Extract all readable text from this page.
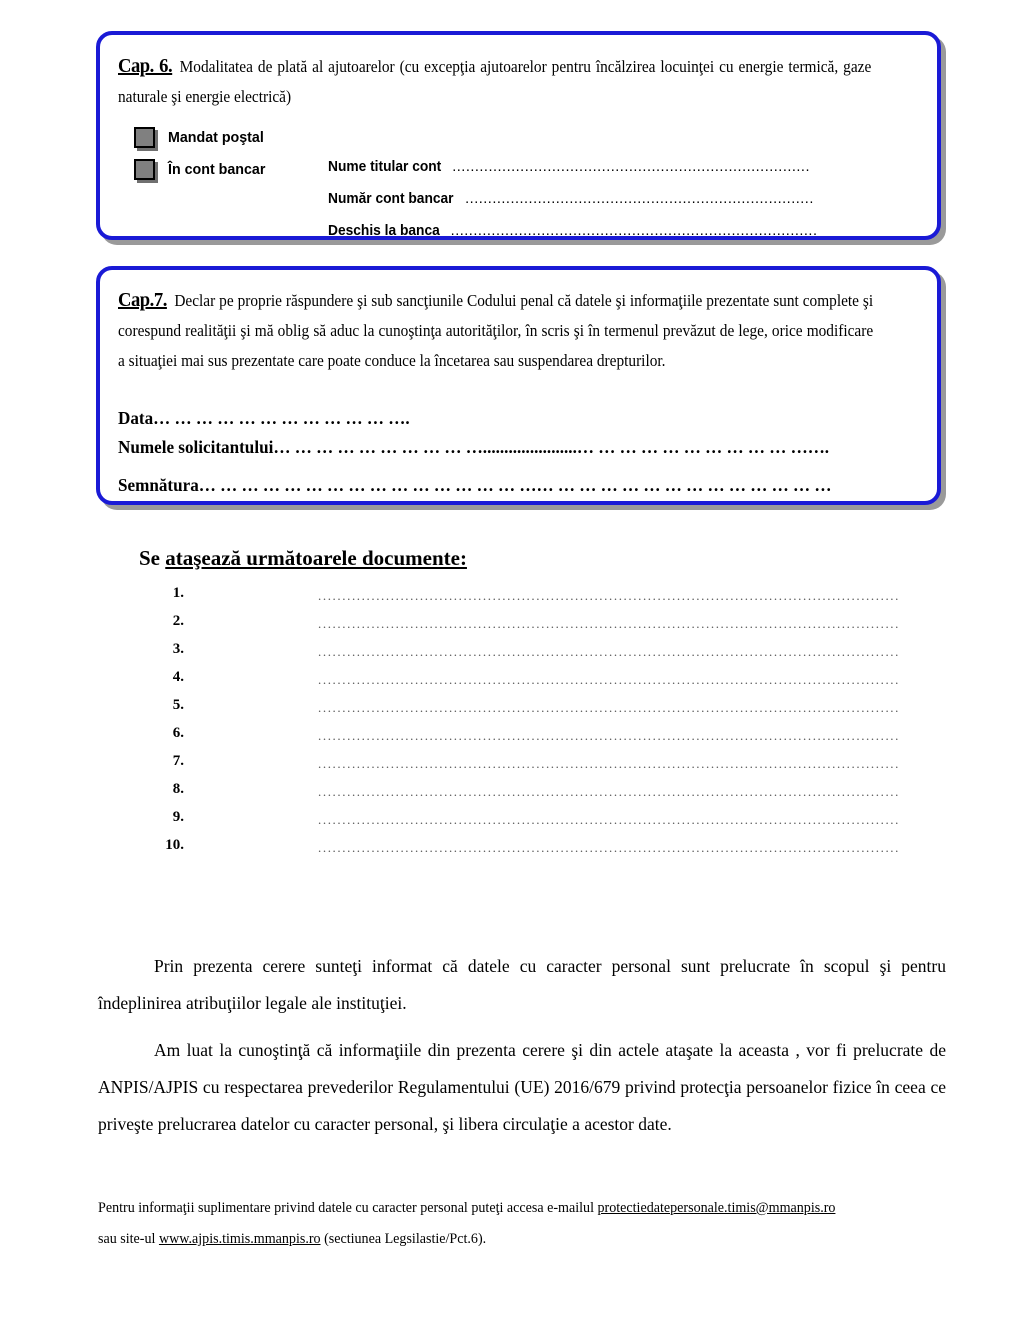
Cap. 6. Modalitatea de plată al ajutoarelor (cu excepţia ajutoarelor pentru încălzirea locuinţei cu energie termică, gaze naturale şi energie electrică)
Mandat poştal
În cont bancar	Nume titular cont ...............................................................................
Număr cont bancar .............................................................................
Deschis la banca .................................................................................
Cap.7. Declar pe proprie răspundere şi sub sancţiunile Codului penal că datele şi informaţiile prezentate sunt complete şi corespund realităţii şi mă oblig să aduc la cunoştinţa autorităţilor, în scris şi în termenul prevăzut de lege, orice modificare a situaţiei mai sus prezentate care poate conduce la încetarea sau suspendarea drepturilor.
Data… … … … … … … … … … … ….
Numele solicitantului… … … … … … … … … …......................… … … … … … … … … … …….
Semnătura… … … … … … … … … … … … … … … …… … … … … … … … … … … … … …
Se ataşează următoarele documente:
1.	........................................................................................................................
2.	........................................................................................................................
3.	........................................................................................................................
4.	........................................................................................................................
5.	........................................................................................................................
6.	........................................................................................................................
7.	........................................................................................................................
8.	........................................................................................................................
9.	........................................................................................................................
10.	........................................................................................................................
Prin prezenta cerere sunteţi informat că datele cu caracter personal sunt prelucrate în scopul şi pentru îndeplinirea atribuţiilor legale ale instituţiei.
Am luat la cunoştinţă că informaţiile din prezenta cerere şi din actele ataşate la aceasta , vor fi prelucrate de ANPIS/AJPIS cu respectarea prevederilor Regulamentului (UE) 2016/679 privind protecţia persoanelor fizice în ceea ce priveşte prelucrarea datelor cu caracter personal, şi libera circulaţie a acestor date.
Pentru informaţii suplimentare privind datele cu caracter personal puteţi accesa e-mailul protectiedatepersonale.timis@mmanpis.ro
sau site-ul www.ajpis.timis.mmanpis.ro (sectiunea Legsilastie/Pct.6).
